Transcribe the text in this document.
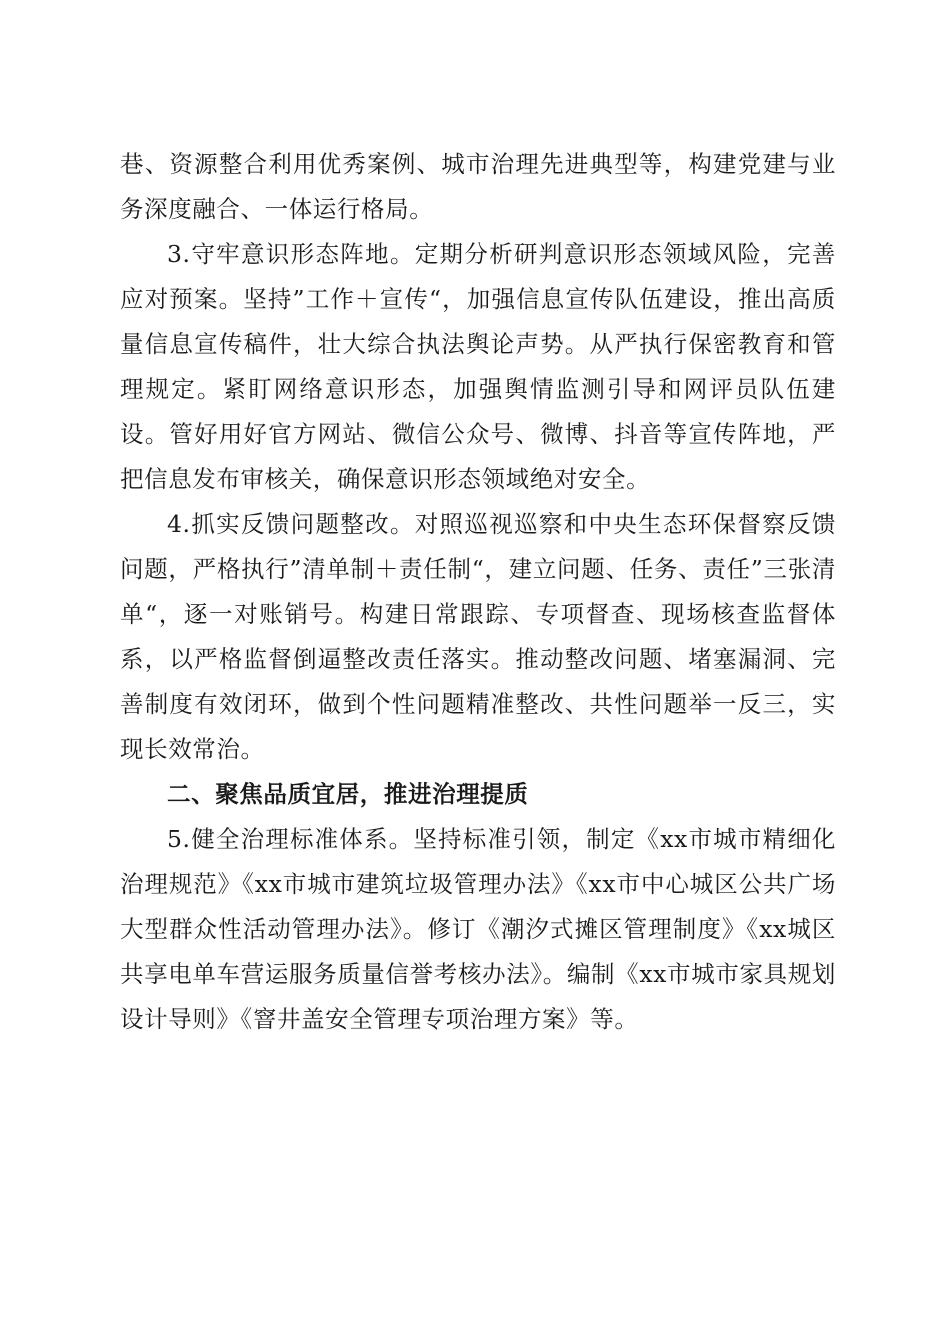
巷、资源整合利用优秀案例、城市治理先进典型等，构建党建与业务深度融合、一体运行格局。

3.守牢意识形态阵地。定期分析研判意识形态领域风险，完善应对预案。坚持”工作＋宣传“，加强信息宣传队伍建设，推出高质量信息宣传稿件，壮大综合执法舆论声势。从严执行保密教育和管理规定。紧盯网络意识形态，加强舆情监测引导和网评员队伍建设。管好用好官方网站、微信公众号、微博、抖音等宣传阵地，严把信息发布审核关，确保意识形态领域绝对安全。

4.抓实反馈问题整改。对照巡视巡察和中央生态环保督察反馈问题，严格执行”清单制＋责任制“，建立问题、任务、责任”三张清单“，逐一对账销号。构建日常跟踪、专项督查、现场核查监督体系，以严格监督倒逼整改责任落实。推动整改问题、堵塞漏洞、完善制度有效闭环，做到个性问题精准整改、共性问题举一反三，实现长效常治。

二、聚焦品质宜居，推进治理提质

5.健全治理标准体系。坚持标准引领，制定《xx市城市精细化治理规范》《xx市城市建筑垃圾管理办法》《xx市中心城区公共广场大型群众性活动管理办法》。修订《潮汐式摊区管理制度》《xx城区共享电单车营运服务质量信誉考核办法》。编制《xx市城市家具规划设计导则》《窨井盖安全管理专项治理方案》等。
